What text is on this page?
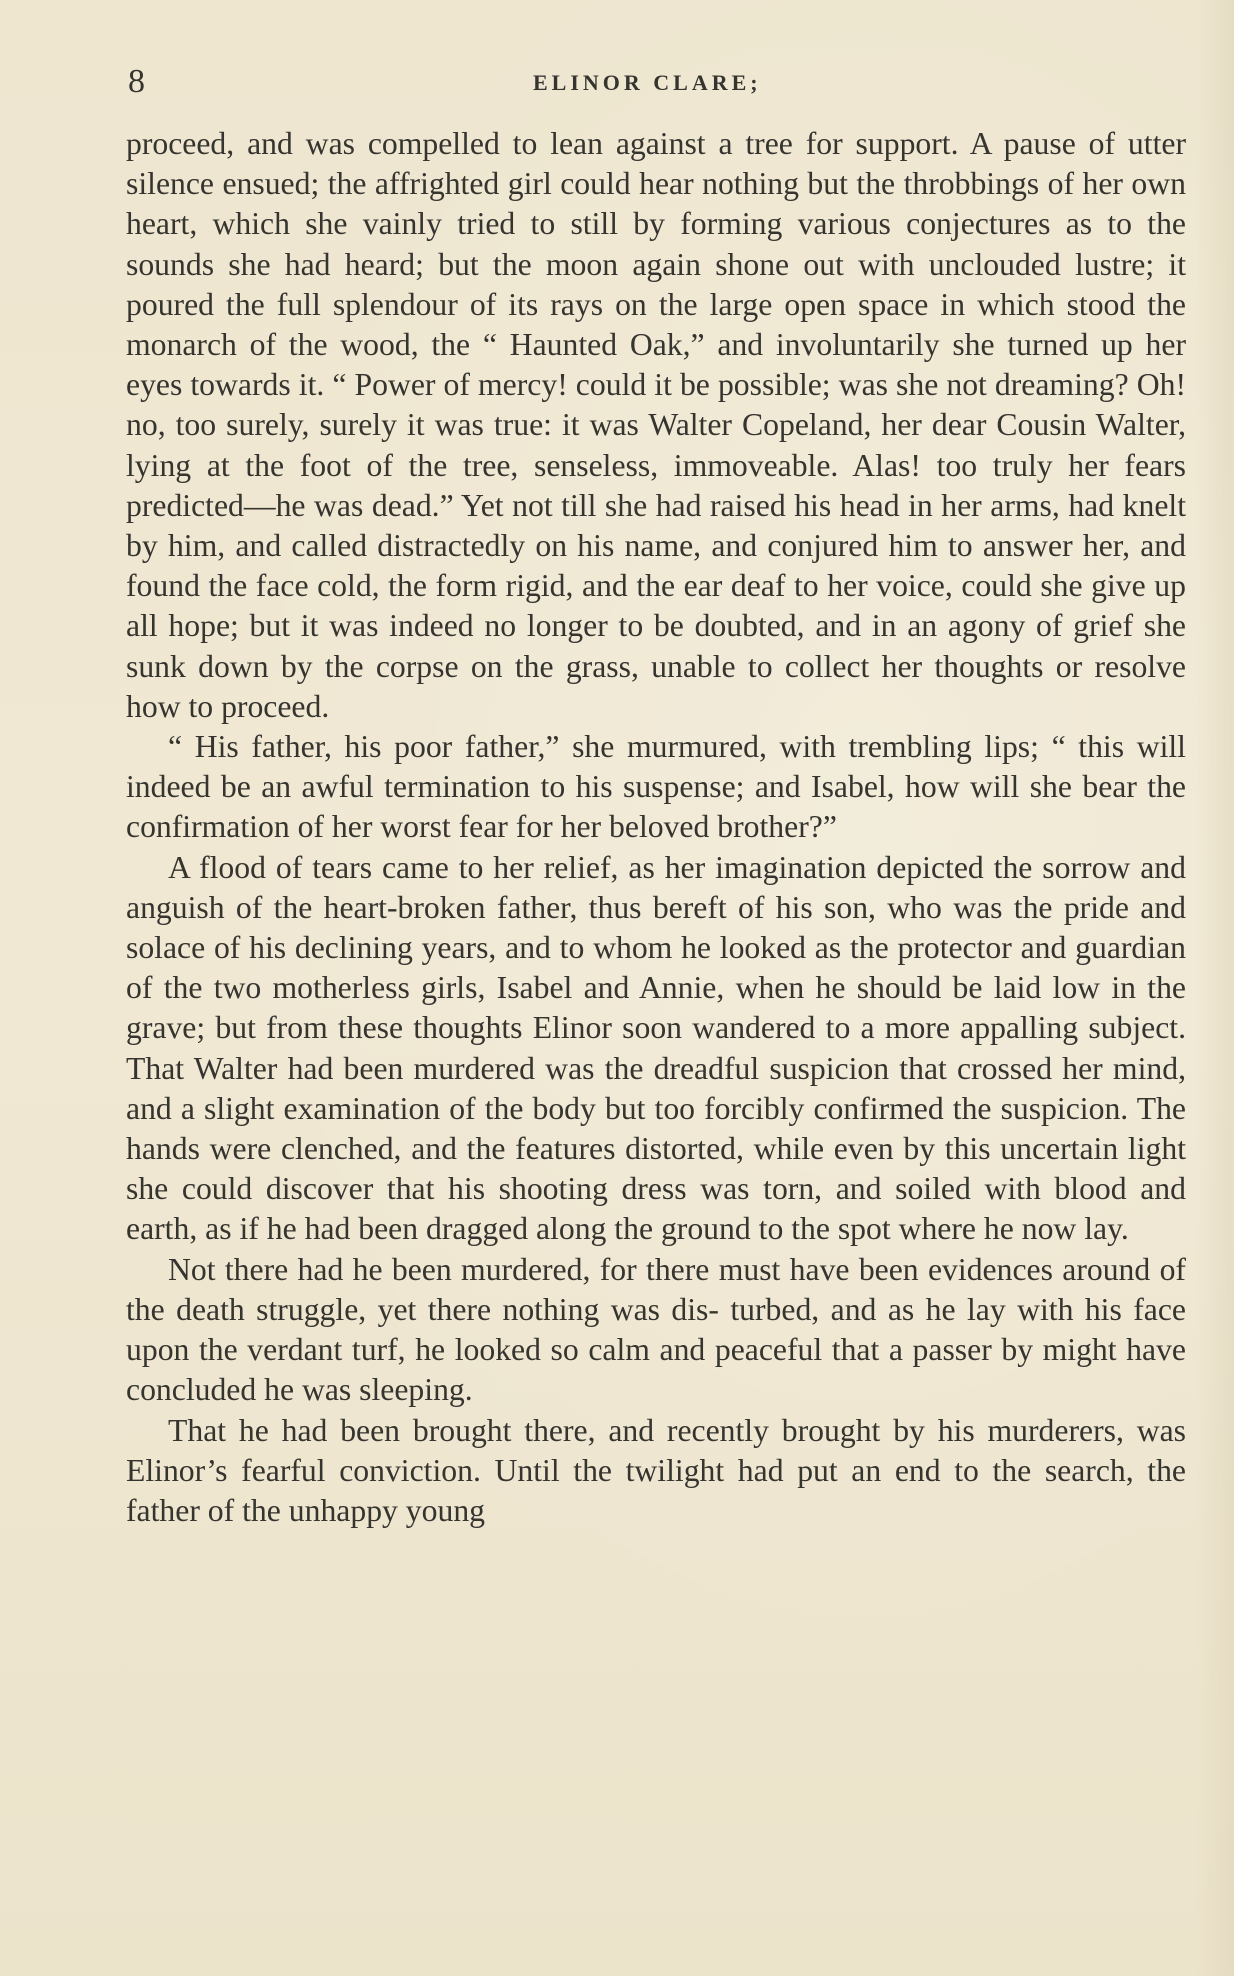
8	ELINOR CLARE;

proceed, and was compelled to lean against a tree for support. A pause of utter silence ensued; the affrighted girl could hear nothing but the throbbings of her own heart, which she vainly tried to still by forming various conjectures as to the sounds she had heard; but the moon again shone out with unclouded lustre; it poured the full splendour of its rays on the large open space in which stood the monarch of the wood, the “ Haunted Oak,” and involuntarily she turned up her eyes towards it. “ Power of mercy! could it be possible; was she not dreaming? Oh! no, too surely, surely it was true: it was Walter Copeland, her dear Cousin Walter, lying at the foot of the tree, senseless, immoveable. Alas! too truly her fears predicted—he was dead.” Yet not till she had raised his head in her arms, had knelt by him, and called distractedly on his name, and conjured him to answer her, and found the face cold, the form rigid, and the ear deaf to her voice, could she give up all hope; but it was indeed no longer to be doubted, and in an agony of grief she sunk down by the corpse on the grass, unable to collect her thoughts or resolve how to proceed.

“ His father, his poor father,” she murmured, with trembling lips; “ this will indeed be an awful termination to his suspense; and Isabel, how will she bear the confirmation of her worst fear for her beloved brother?”

A flood of tears came to her relief, as her imagination depicted the sorrow and anguish of the heart-broken father, thus bereft of his son, who was the pride and solace of his declining years, and to whom he looked as the protector and guardian of the two motherless girls, Isabel and Annie, when he should be laid low in the grave; but from these thoughts Elinor soon wandered to a more appalling subject. That Walter had been murdered was the dreadful suspicion that crossed her mind, and a slight examination of the body but too forcibly confirmed the suspicion. The hands were clenched, and the features distorted, while even by this uncertain light she could discover that his shooting dress was torn, and soiled with blood and earth, as if he had been dragged along the ground to the spot where he now lay.

Not there had he been murdered, for there must have been evidences around of the death struggle, yet there nothing was dis- turbed, and as he lay with his face upon the verdant turf, he looked so calm and peaceful that a passer by might have concluded he was sleeping.

That he had been brought there, and recently brought by his murderers, was Elinor’s fearful conviction. Until the twilight had put an end to the search, the father of the unhappy young
